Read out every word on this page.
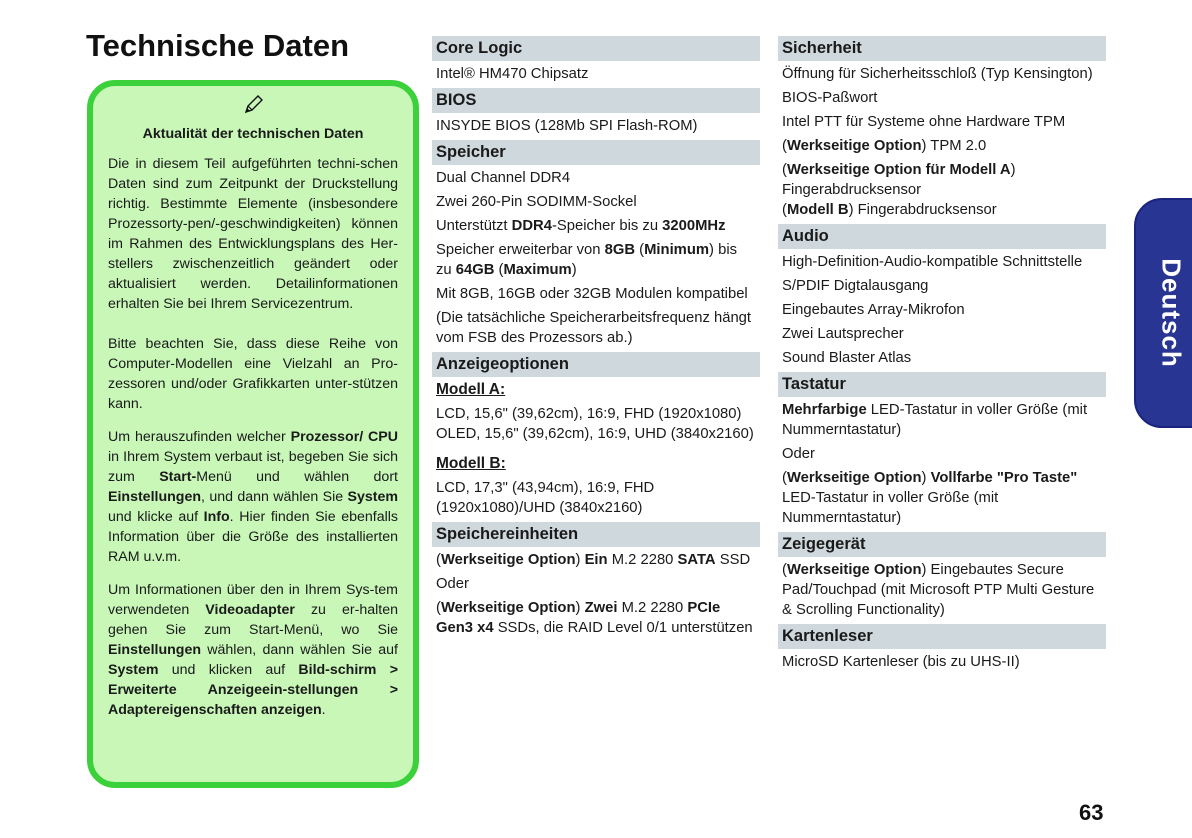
Technische Daten
Aktualität der technischen Daten

Die in diesem Teil aufgeführten techni-schen Daten sind zum Zeitpunkt der Druckstellung richtig. Bestimmte Elemente (insbesondere Prozessorty-pen/-geschwindigkeiten) können im Rahmen des Entwicklungsplans des Her-stellers zwischenzeitlich geändert oder aktualisiert werden. Detailinformationen erhalten Sie bei Ihrem Servicezentrum.

Bitte beachten Sie, dass diese Reihe von Computer-Modellen eine Vielzahl an Pro-zessoren und/oder Grafikkarten unter-stützen kann.

Um herauszufinden welcher Prozessor/ CPU in Ihrem System verbaut ist, begeben Sie sich zum Start-Menü und wählen dort Einstellungen, und dann wählen Sie System und klicke auf Info. Hier finden Sie ebenfalls Information über die Größe des installierten RAM u.v.m.

Um Informationen über den in Ihrem Sys-tem verwendeten Videoadapter zu er-halten gehen Sie zum Start-Menü, wo Sie Einstellungen wählen, dann wählen Sie auf System und klicken auf Bild-schirm > Erweiterte Anzeigeein-stellungen > Adaptereigenschaften anzeigen.

Core Logic
Intel® HM470 Chipsatz
BIOS
INSYDE BIOS (128Mb SPI Flash-ROM)
Speicher
Dual Channel DDR4
Zwei 260-Pin SODIMM-Sockel
Unterstützt DDR4-Speicher bis zu 3200MHz
Speicher erweiterbar von 8GB (Minimum) bis zu 64GB (Maximum)
Mit 8GB, 16GB oder 32GB Modulen kompatibel
(Die tatsächliche Speicherarbeitsfrequenz hängt vom FSB des Prozessors ab.)
Anzeigeoptionen
Modell A:
LCD, 15,6" (39,62cm), 16:9, FHD (1920x1080)
OLED, 15,6" (39,62cm), 16:9, UHD (3840x2160)
Modell B:
LCD, 17,3" (43,94cm), 16:9, FHD (1920x1080)/UHD (3840x2160)
Speichereinheiten
(Werkseitige Option) Ein M.2 2280 SATA SSD
Oder
(Werkseitige Option) Zwei M.2 2280 PCIe Gen3 x4 SSDs, die RAID Level 0/1 unterstützen
Sicherheit
Öffnung für Sicherheitsschloß (Typ Kensington)
BIOS-Paßwort
Intel PTT für Systeme ohne Hardware TPM
(Werkseitige Option) TPM 2.0
(Werkseitige Option für Modell A) Fingerabdrucksensor
(Modell B) Fingerabdrucksensor
Audio
High-Definition-Audio-kompatible Schnittstelle
S/PDIF Digtalausgang
Eingebautes Array-Mikrofon
Zwei Lautsprecher
Sound Blaster Atlas
Tastatur
Mehrfarbige LED-Tastatur in voller Größe (mit Nummerntastatur)
Oder
(Werkseitige Option) Vollfarbe "Pro Taste" LED-Tastatur in voller Größe (mit Nummerntastatur)
Zeigegerät
(Werkseitige Option) Eingebautes Secure Pad/Touchpad (mit Microsoft PTP Multi Gesture & Scrolling Functionality)
Kartenleser
MicroSD Kartenleser (bis zu UHS-II)
Deutsch
63
